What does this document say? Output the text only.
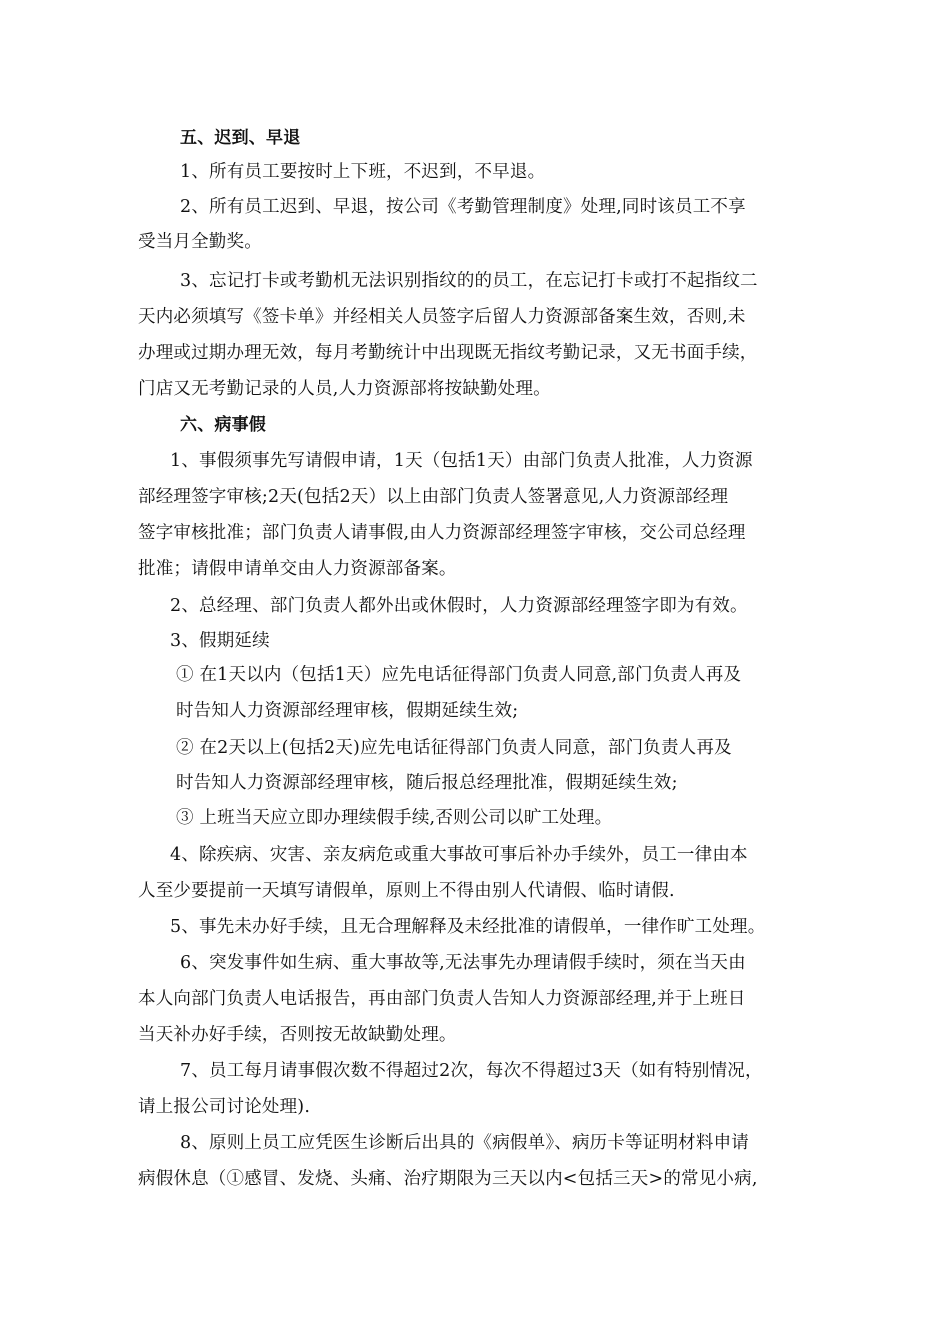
五、迟到、早退
1、所有员工要按时上下班，不迟到，不早退。
2、所有员工迟到、早退，按公司《考勤管理制度》处理,同时该员工不享
受当月全勤奖。
3、忘记打卡或考勤机无法识别指纹的的员工，在忘记打卡或打不起指纹二
天内必须填写《签卡单》并经相关人员签字后留人力资源部备案生效，否则,未
办理或过期办理无效，每月考勤统计中出现既无指纹考勤记录，又无书面手续，
门店又无考勤记录的人员,人力资源部将按缺勤处理。
六、病事假
1、事假须事先写请假申请，1天（包括1天）由部门负责人批准，人力资源
部经理签字审核;2天(包括2天）以上由部门负责人签署意见,人力资源部经理
签字审核批准；部门负责人请事假,由人力资源部经理签字审核，交公司总经理
批准；请假申请单交由人力资源部备案。
2、总经理、部门负责人都外出或休假时，人力资源部经理签字即为有效。
3、假期延续
① 在1天以内（包括1天）应先电话征得部门负责人同意,部门负责人再及
时告知人力资源部经理审核，假期延续生效;
② 在2天以上(包括2天)应先电话征得部门负责人同意，部门负责人再及
时告知人力资源部经理审核，随后报总经理批准，假期延续生效;
③ 上班当天应立即办理续假手续,否则公司以旷工处理。
4、除疾病、灾害、亲友病危或重大事故可事后补办手续外，员工一律由本
人至少要提前一天填写请假单，原则上不得由别人代请假、临时请假.
5、事先未办好手续，且无合理解释及未经批准的请假单，一律作旷工处理。
6、突发事件如生病、重大事故等,无法事先办理请假手续时，须在当天由
本人向部门负责人电话报告，再由部门负责人告知人力资源部经理,并于上班日
当天补办好手续，否则按无故缺勤处理。
7、员工每月请事假次数不得超过2次，每次不得超过3天（如有特别情况，
请上报公司讨论处理).
8、原则上员工应凭医生诊断后出具的《病假单》、病历卡等证明材料申请
病假休息（①感冒、发烧、头痛、治疗期限为三天以内<包括三天>的常见小病,
